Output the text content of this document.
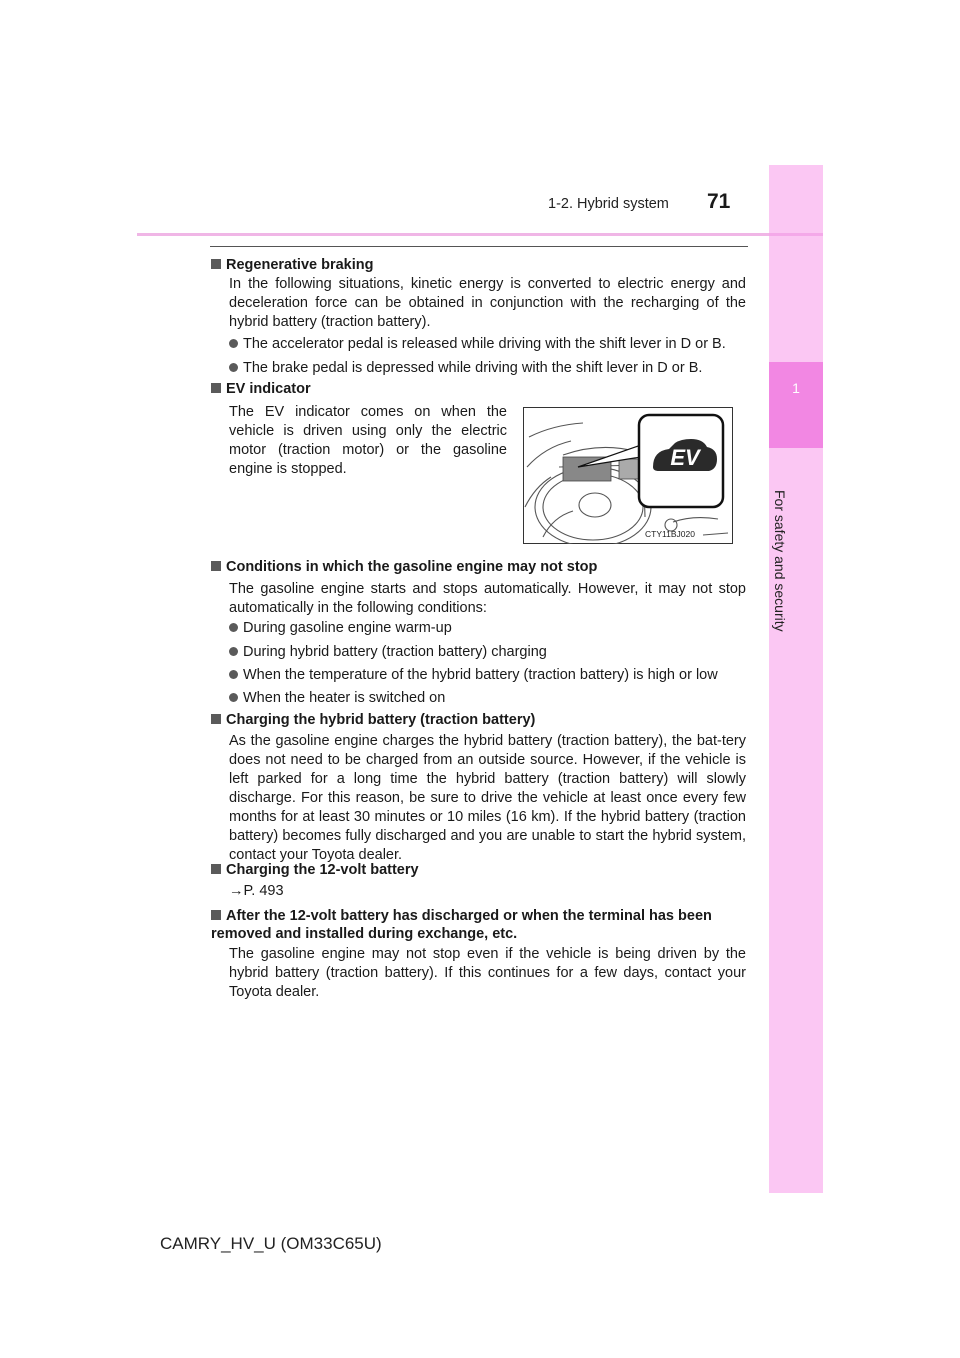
1-2. Hybrid system 71
1
For safety and security
Regenerative braking
In the following situations, kinetic energy is converted to electric energy and deceleration force can be obtained in conjunction with the recharging of the hybrid battery (traction battery).
The accelerator pedal is released while driving with the shift lever in D or B.
The brake pedal is depressed while driving with the shift lever in D or B.
EV indicator
The EV indicator comes on when the vehicle is driven using only the electric motor (traction motor) or the gasoline engine is stopped.	EV
CTY11BJ020
Conditions in which the gasoline engine may not stop
The gasoline engine starts and stops automatically. However, it may not stop automatically in the following conditions:
During gasoline engine warm-up
During hybrid battery (traction battery) charging
When the temperature of the hybrid battery (traction battery) is high or low
When the heater is switched on
Charging the hybrid battery (traction battery)
As the gasoline engine charges the hybrid battery (traction battery), the bat-tery does not need to be charged from an outside source. However, if the vehicle is left parked for a long time the hybrid battery (traction battery) will slowly discharge. For this reason, be sure to drive the vehicle at least once every few months for at least 30 minutes or 10 miles (16 km). If the hybrid battery (traction battery) becomes fully discharged and you are unable to start the hybrid system, contact your Toyota dealer.
Charging the 12-volt battery
→P. 493
After the 12-volt battery has discharged or when the terminal has been removed and installed during exchange, etc.
The gasoline engine may not stop even if the vehicle is being driven by the hybrid battery (traction battery). If this continues for a few days, contact your Toyota dealer.
CAMRY_HV_U (OM33C65U)
